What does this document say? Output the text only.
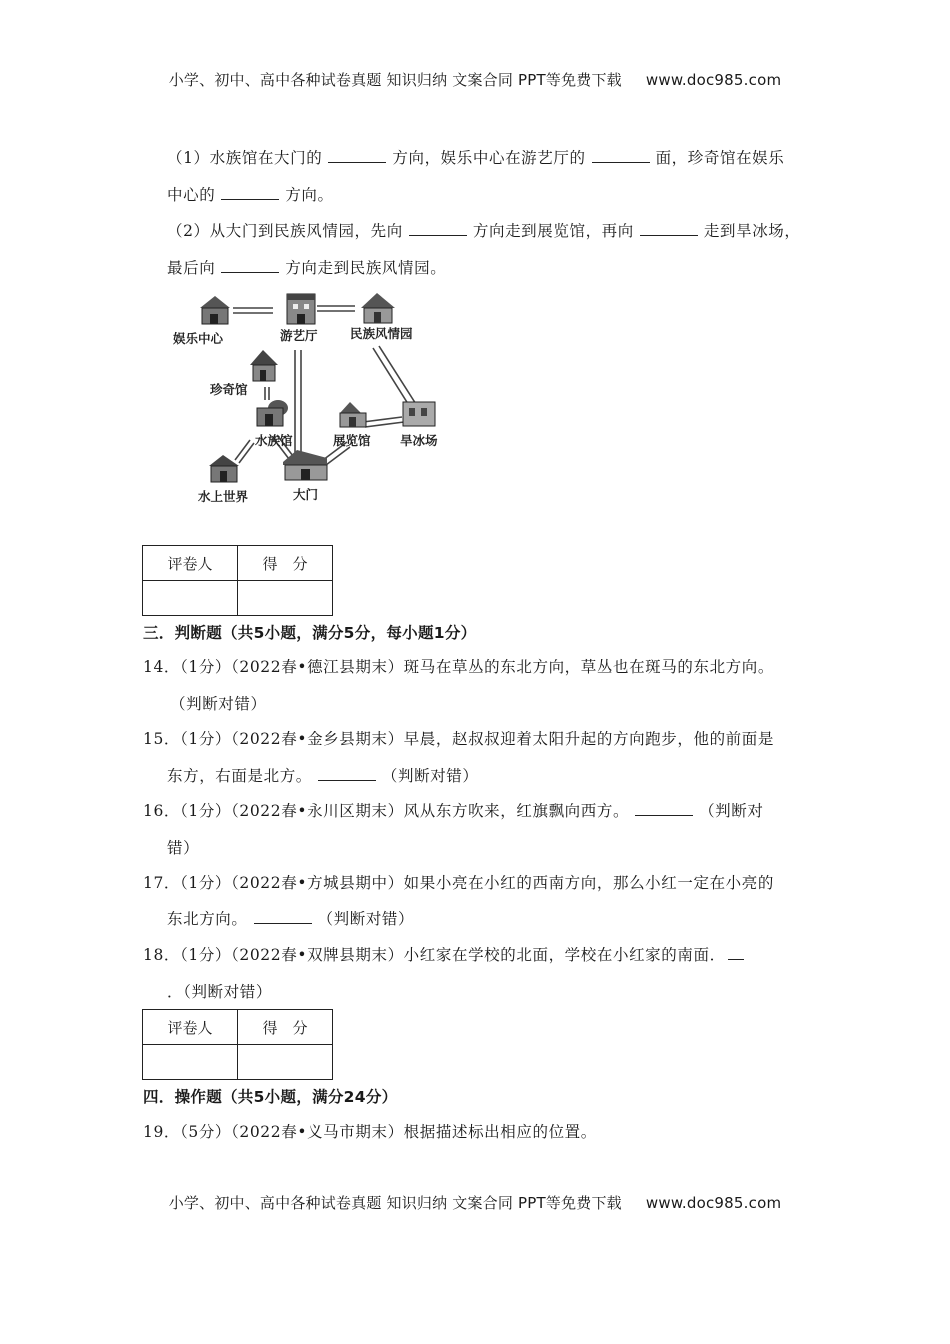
小学、初中、高中各种试卷真题 知识归纳 文案合同 PPT等免费下载 www.doc985.com
（1）水族馆在大门的	方向，娱乐中心在游艺厅的	面，珍奇馆在娱乐
中心的	方向。
（2）从大门到民族风情园，先向	方向走到展览馆，再向	走到旱冰场，
最后向	方向走到民族风情园。
娱乐中心	游艺厅	民族风情园
珍奇馆
水族馆	展览馆 旱冰场
水上世界	大门
评卷人	得　分

三．判断题（共5小题，满分5分，每小题1分）
14．（1分）（2022春•德江县期末）斑马在草丛的东北方向，草丛也在斑马的东北方向。
（判断对错）
15．（1分）（2022春•金乡县期末）早晨，赵叔叔迎着太阳升起的方向跑步，他的前面是
东方，右面是北方。	（判断对错）
16．（1分）（2022春•永川区期末）风从东方吹来，红旗飘向西方。	（判断对
错）
17．（1分）（2022春•方城县期中）如果小亮在小红的西南方向，那么小红一定在小亮的
东北方向。	（判断对错）
18．（1分）（2022春•双牌县期末）小红家在学校的北面，学校在小红家的南面．
．（判断对错）
评卷人	得　分

四．操作题（共5小题，满分24分）
19．（5分）（2022春•义马市期末）根据描述标出相应的位置。
小学、初中、高中各种试卷真题 知识归纳 文案合同 PPT等免费下载 www.doc985.com
